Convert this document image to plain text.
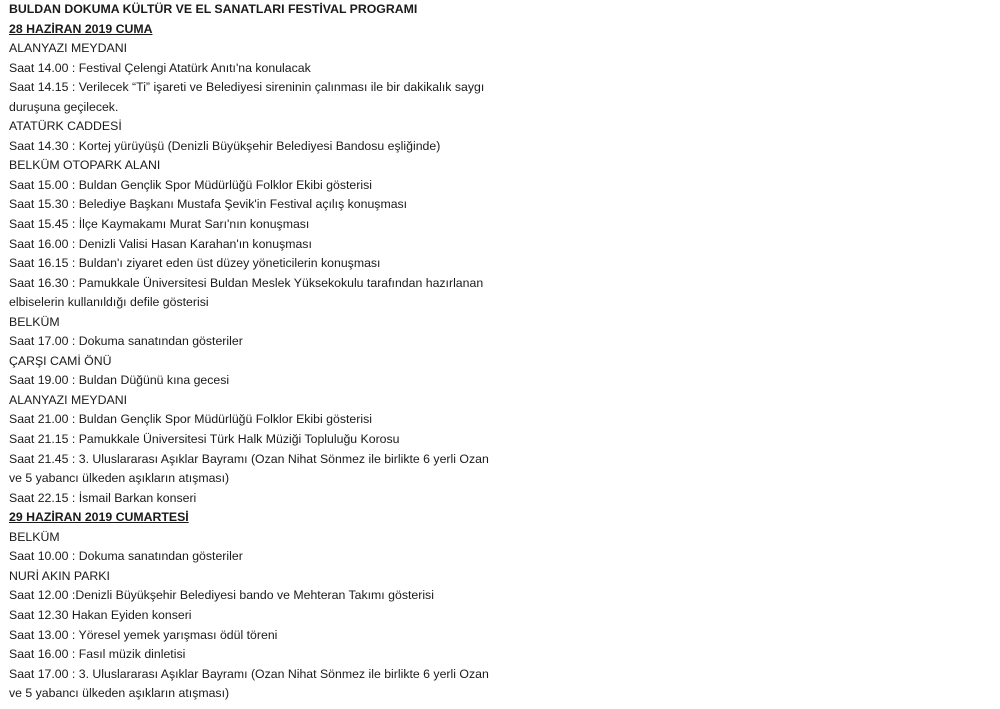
BULDAN DOKUMA KÜLTÜR VE EL SANATLARI FESTİVAL PROGRAMI
28 HAZİRAN 2019 CUMA
ALANYAZI MEYDANI
Saat 14.00 : Festival Çelengi Atatürk Anıtı'na konulacak
Saat 14.15 : Verilecek “Ti” işareti ve Belediyesi sireninin çalınması ile bir dakikalık saygı
duruşuna geçilecek.
ATATÜRK CADDESİ
Saat 14.30 : Kortej yürüyüşü (Denizli Büyükşehir Belediyesi Bandosu eşliğinde)
BELKÜM OTOPARK ALANI
Saat 15.00 : Buldan Gençlik Spor Müdürlüğü Folklor Ekibi gösterisi
Saat 15.30 : Belediye Başkanı Mustafa Şevik'in Festival açılış konuşması
Saat 15.45 : İlçe Kaymakamı Murat Sarı'nın konuşması
Saat 16.00 : Denizli Valisi Hasan Karahan'ın konuşması
Saat 16.15 : Buldan'ı ziyaret eden üst düzey yöneticilerin konuşması
Saat 16.30 : Pamukkale Üniversitesi Buldan Meslek Yüksekokulu tarafından hazırlanan
elbiselerin kullanıldığı defile gösterisi
BELKÜM
Saat 17.00 : Dokuma sanatından gösteriler
ÇARŞI CAMİ ÖNÜ
Saat 19.00 : Buldan Düğünü kına gecesi
ALANYAZI MEYDANI
Saat 21.00 : Buldan Gençlik Spor Müdürlüğü Folklor Ekibi gösterisi
Saat 21.15 : Pamukkale Üniversitesi Türk Halk Müziği Topluluğu Korosu
Saat 21.45 : 3. Uluslararası Aşıklar Bayramı (Ozan Nihat Sönmez ile birlikte 6 yerli Ozan
ve 5 yabancı ülkeden aşıkların atışması)
Saat 22.15 : İsmail Barkan konseri
29 HAZİRAN 2019 CUMARTESİ
BELKÜM
Saat 10.00 : Dokuma sanatından gösteriler
NURİ AKIN PARKI
Saat 12.00 :Denizli Büyükşehir Belediyesi bando ve Mehteran Takımı gösterisi
Saat 12.30 Hakan Eyiden konseri
Saat 13.00 : Yöresel yemek yarışması ödül töreni
Saat 16.00 : Fasıl müzik dinletisi
Saat 17.00 : 3. Uluslararası Aşıklar Bayramı (Ozan Nihat Sönmez ile birlikte 6 yerli Ozan
ve 5 yabancı ülkeden aşıkların atışması)
